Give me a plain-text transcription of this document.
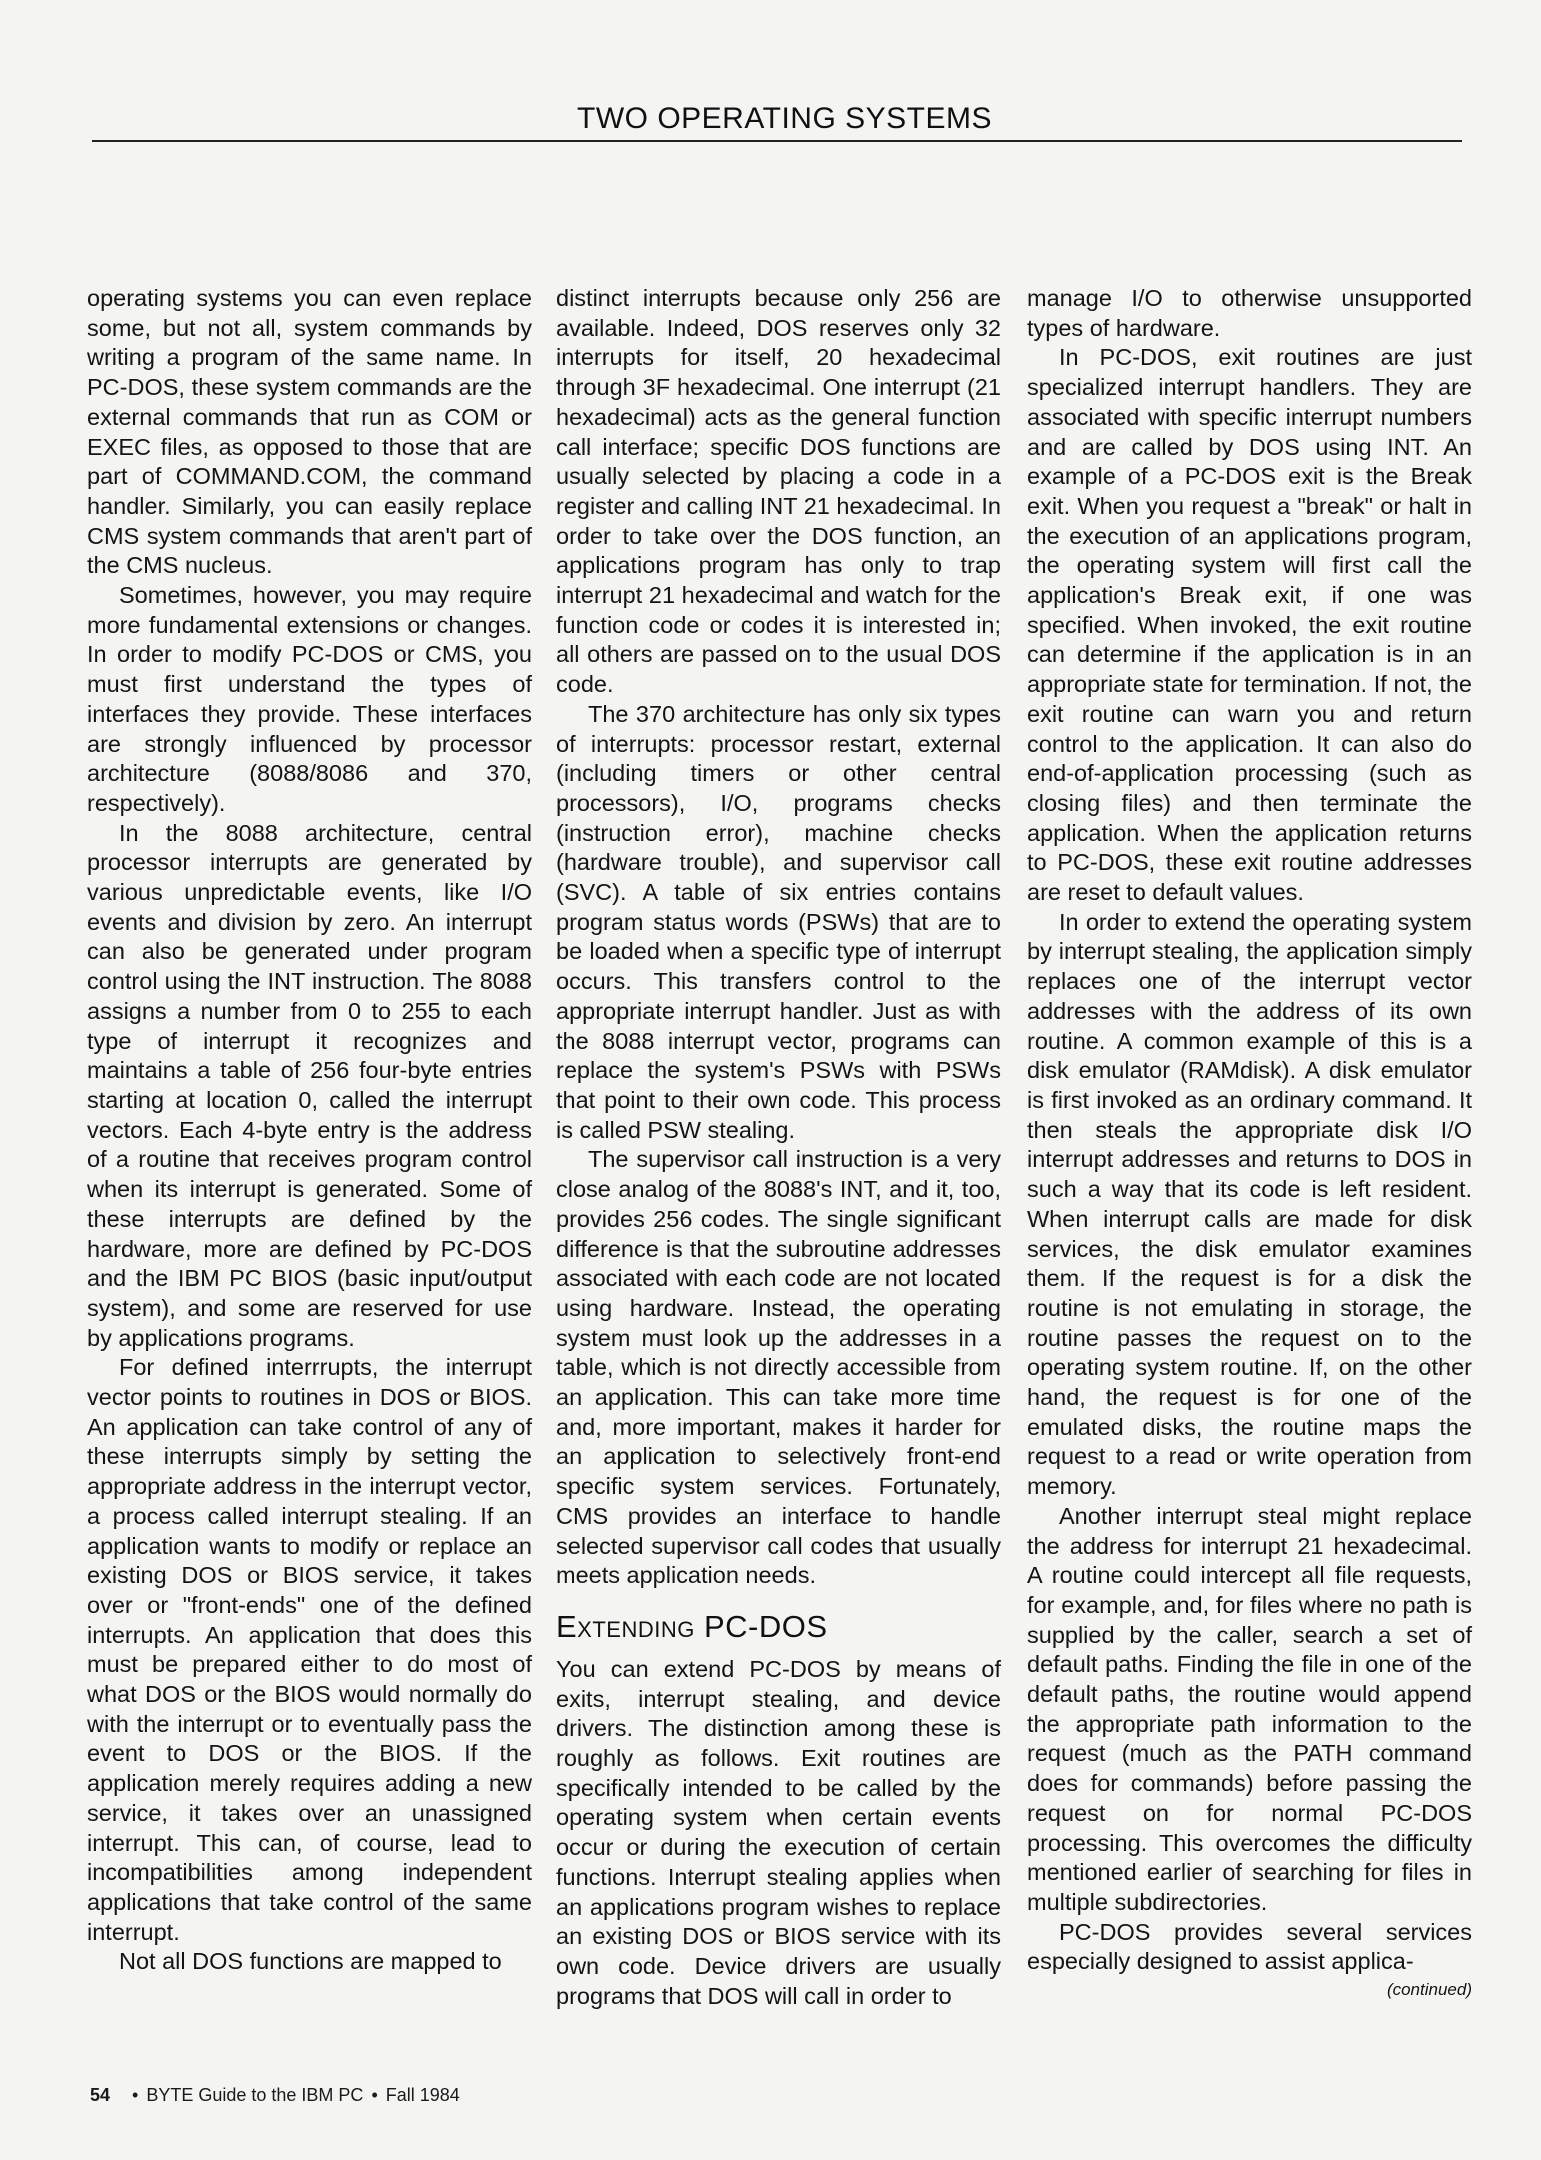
TWO OPERATING SYSTEMS

operating systems you can even replace some, but not all, system commands by writing a program of the same name. In PC-DOS, these system commands are the external commands that run as COM or EXEC files, as opposed to those that are part of COMMAND.COM, the command handler. Similarly, you can easily replace CMS system commands that aren't part of the CMS nucleus.

Sometimes, however, you may require more fundamental extensions or changes. In order to modify PC-DOS or CMS, you must first understand the types of interfaces they provide. These interfaces are strongly influenced by processor architecture (8088/8086 and 370, respectively).

In the 8088 architecture, central processor interrupts are generated by various unpredictable events, like I/O events and division by zero. An interrupt can also be generated under program control using the INT instruction. The 8088 assigns a number from 0 to 255 to each type of interrupt it recognizes and maintains a table of 256 four-byte entries starting at location 0, called the interrupt vectors. Each 4-byte entry is the address of a routine that receives program control when its interrupt is generated. Some of these interrupts are defined by the hardware, more are defined by PC-DOS and the IBM PC BIOS (basic input/output system), and some are reserved for use by applications programs.

For defined interrrupts, the interrupt vector points to routines in DOS or BIOS. An application can take control of any of these interrupts simply by setting the appropriate address in the interrupt vector, a process called interrupt stealing. If an application wants to modify or replace an existing DOS or BIOS service, it takes over or "front-ends" one of the defined interrupts. An application that does this must be prepared either to do most of what DOS or the BIOS would normally do with the interrupt or to eventually pass the event to DOS or the BIOS. If the application merely requires adding a new service, it takes over an unassigned interrupt. This can, of course, lead to incompatibilities among independent applications that take control of the same interrupt.

Not all DOS functions are mapped to

distinct interrupts because only 256 are available. Indeed, DOS reserves only 32 interrupts for itself, 20 hexadecimal through 3F hexadecimal. One interrupt (21 hexadecimal) acts as the general function call interface; specific DOS functions are usually selected by placing a code in a register and calling INT 21 hexadecimal. In order to take over the DOS function, an applications program has only to trap interrupt 21 hexadecimal and watch for the function code or codes it is interested in; all others are passed on to the usual DOS code.

The 370 architecture has only six types of interrupts: processor restart, external (including timers or other central processors), I/O, programs checks (instruction error), machine checks (hardware trouble), and supervisor call (SVC). A table of six entries contains program status words (PSWs) that are to be loaded when a specific type of interrupt occurs. This transfers control to the appropriate interrupt handler. Just as with the 8088 interrupt vector, programs can replace the system's PSWs with PSWs that point to their own code. This process is called PSW stealing.

The supervisor call instruction is a very close analog of the 8088's INT, and it, too, provides 256 codes. The single significant difference is that the subroutine addresses associated with each code are not located using hardware. Instead, the operating system must look up the addresses in a table, which is not directly accessible from an application. This can take more time and, more important, makes it harder for an application to selectively front-end specific system services. Fortunately, CMS provides an interface to handle selected supervisor call codes that usually meets application needs.

Extending PC-DOS

You can extend PC-DOS by means of exits, interrupt stealing, and device drivers. The distinction among these is roughly as follows. Exit routines are specifically intended to be called by the operating system when certain events occur or during the execution of certain functions. Interrupt stealing applies when an applications program wishes to replace an existing DOS or BIOS service with its own code. Device drivers are usually programs that DOS will call in order to

manage I/O to otherwise unsupported types of hardware.

In PC-DOS, exit routines are just specialized interrupt handlers. They are associated with specific interrupt numbers and are called by DOS using INT. An example of a PC-DOS exit is the Break exit. When you request a "break" or halt in the execution of an applications program, the operating system will first call the application's Break exit, if one was specified. When invoked, the exit routine can determine if the application is in an appropriate state for termination. If not, the exit routine can warn you and return control to the application. It can also do end-of-application processing (such as closing files) and then terminate the application. When the application returns to PC-DOS, these exit routine addresses are reset to default values.

In order to extend the operating system by interrupt stealing, the application simply replaces one of the interrupt vector addresses with the address of its own routine. A common example of this is a disk emulator (RAMdisk). A disk emulator is first invoked as an ordinary command. It then steals the appropriate disk I/O interrupt addresses and returns to DOS in such a way that its code is left resident. When interrupt calls are made for disk services, the disk emulator examines them. If the request is for a disk the routine is not emulating in storage, the routine passes the request on to the operating system routine. If, on the other hand, the request is for one of the emulated disks, the routine maps the request to a read or write operation from memory.

Another interrupt steal might replace the address for interrupt 21 hexadecimal. A routine could intercept all file requests, for example, and, for files where no path is supplied by the caller, search a set of default paths. Finding the file in one of the default paths, the routine would append the appropriate path information to the request (much as the PATH command does for commands) before passing the request on for normal PC-DOS processing. This overcomes the difficulty mentioned earlier of searching for files in multiple subdirectories.

PC-DOS provides several services especially designed to assist applica-

(continued)
54 • BYTE Guide to the IBM PC • Fall 1984
